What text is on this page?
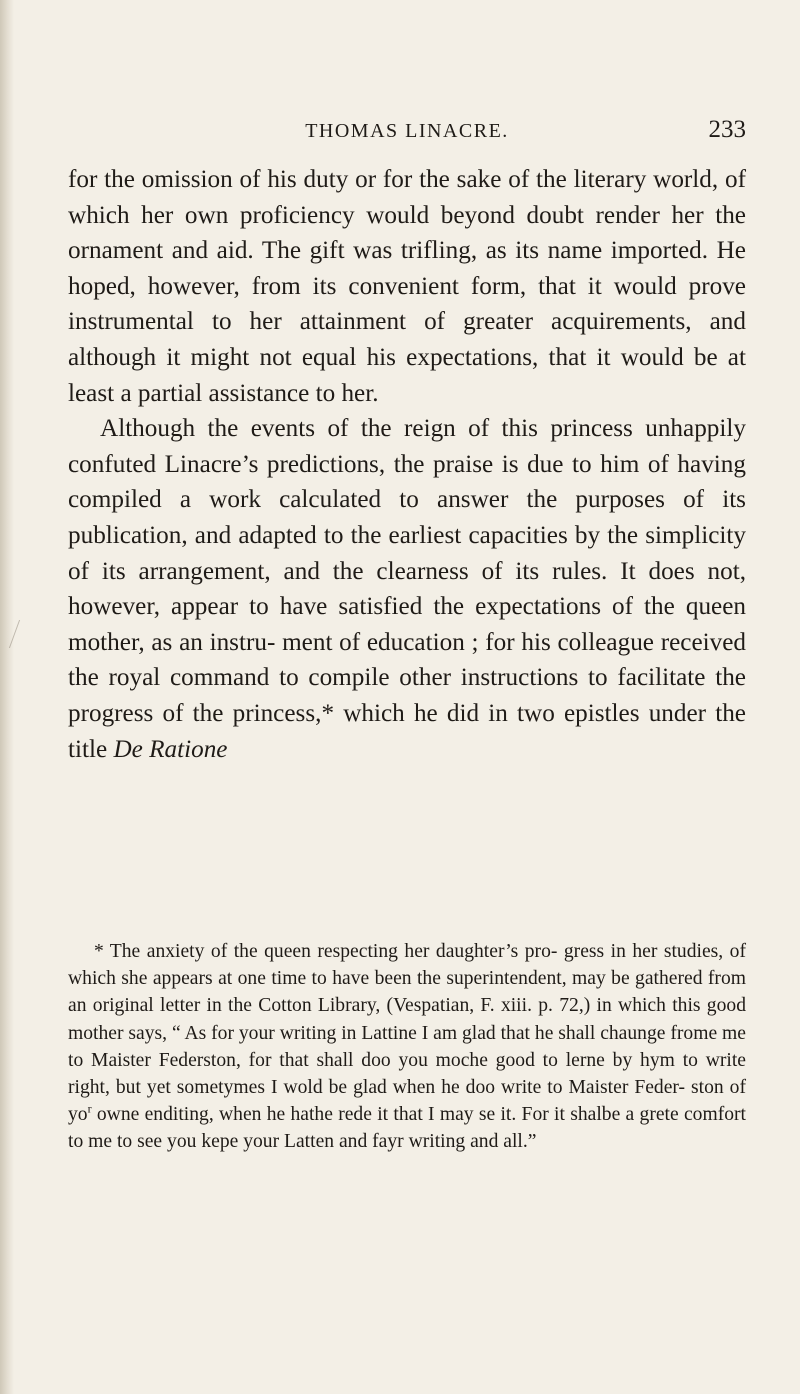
THOMAS LINACRE.	233

for the omission of his duty or for the sake of the literary world, of which her own proficiency would beyond doubt render her the ornament and aid. The gift was trifling, as its name imported. He hoped, however, from its convenient form, that it would prove instrumental to her attainment of greater acquirements, and although it might not equal his expectations, that it would be at least a partial assistance to her.

Although the events of the reign of this princess unhappily confuted Linacre’s predictions, the praise is due to him of having compiled a work calculated to answer the purposes of its publication, and adapted to the earliest capacities by the simplicity of its arrangement, and the clearness of its rules. It does not, however, appear to have satisfied the expectations of the queen mother, as an instru- ment of education ; for his colleague received the royal command to compile other instructions to facilitate the progress of the princess,* which he did in two epistles under the title De Ratione

* The anxiety of the queen respecting her daughter’s pro- gress in her studies, of which she appears at one time to have been the superintendent, may be gathered from an original letter in the Cotton Library, (Vespatian, F. xiii. p. 72,) in which this good mother says, “ As for your writing in Lattine I am glad that he shall chaunge frome me to Maister Federston, for that shall doo you moche good to lerne by hym to write right, but yet sometymes I wold be glad when he doo write to Maister Feder- ston of yo$^r$ owne enditing, when he hathe rede it that I may se it. For it shalbe a grete comfort to me to see you kepe your Latten and fayr writing and all.”
